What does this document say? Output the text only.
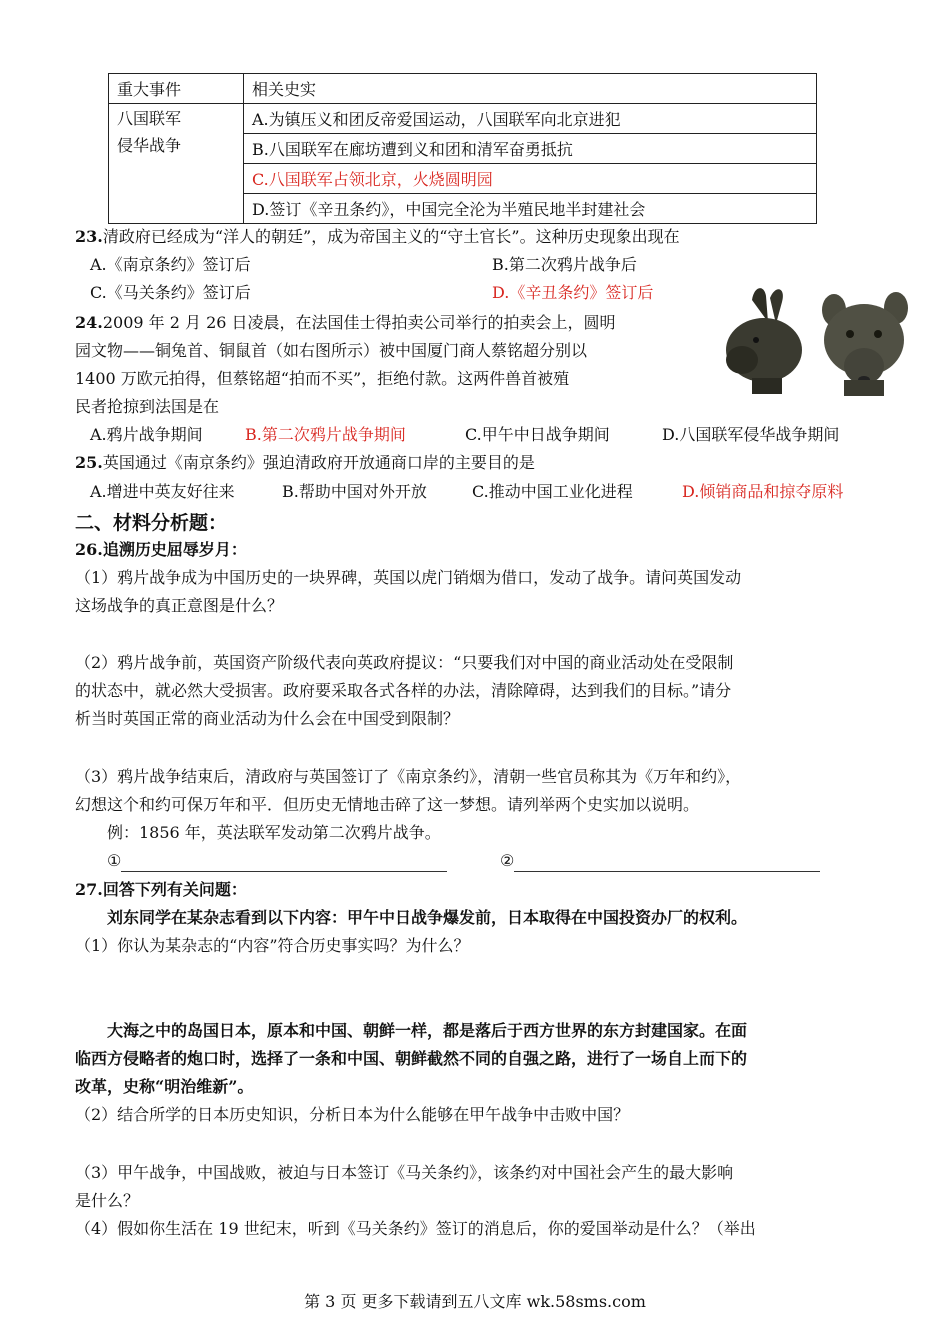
重大事件	相关史实

八国联军
侵华战争	A.为镇压义和团反帝爱国运动，八国联军向北京进犯
	B.八国联军在廊坊遭到义和团和清军奋勇抵抗
	C.八国联军占领北京，火烧圆明园
	D.签订《辛丑条约》，中国完全沦为半殖民地半封建社会
23.清政府已经成为“洋人的朝廷”，成为帝国主义的“守土官长”。这种历史现象出现在
A.《南京条约》签订后	B.第二次鸦片战争后
C.《马关条约》签订后	D.《辛丑条约》签订后
24.2009 年 2 月 26 日凌晨，在法国佳士得拍卖公司举行的拍卖会上，圆明
园文物——铜兔首、铜鼠首（如右图所示）被中国厦门商人蔡铭超分别以
1400 万欧元拍得，但蔡铭超“拍而不买”，拒绝付款。这两件兽首被殖
民者抢掠到法国是在
A.鸦片战争期间	B.第二次鸦片战争期间	C.甲午中日战争期间	D.八国联军侵华战争期间
25.英国通过《南京条约》强迫清政府开放通商口岸的主要目的是
A.增进中英友好往来	B.帮助中国对外开放	C.推动中国工业化进程	D.倾销商品和掠夺原料
二、材料分析题：
26.追溯历史屈辱岁月：
（1）鸦片战争成为中国历史的一块界碑，英国以虎门销烟为借口，发动了战争。请问英国发动
这场战争的真正意图是什么？
（2）鸦片战争前，英国资产阶级代表向英政府提议：“只要我们对中国的商业活动处在受限制
的状态中，就必然大受损害。政府要采取各式各样的办法，清除障碍，达到我们的目标。”请分
析当时英国正常的商业活动为什么会在中国受到限制？
（3）鸦片战争结束后，清政府与英国签订了《南京条约》，清朝一些官员称其为《万年和约》，
幻想这个和约可保万年和平．但历史无情地击碎了这一梦想。请列举两个史实加以说明。
例：1856 年，英法联军发动第二次鸦片战争。
①	②
27.回答下列有关问题：
刘东同学在某杂志看到以下内容：甲午中日战争爆发前，日本取得在中国投资办厂的权利。
（1）你认为某杂志的“内容”符合历史事实吗？为什么？
大海之中的岛国日本，原本和中国、朝鲜一样，都是落后于西方世界的东方封建国家。在面
临西方侵略者的炮口时，选择了一条和中国、朝鲜截然不同的自强之路，进行了一场自上而下的
改革，史称“明治维新”。
（2）结合所学的日本历史知识，分析日本为什么能够在甲午战争中击败中国？
（3）甲午战争，中国战败，被迫与日本签订《马关条约》，该条约对中国社会产生的最大影响
是什么？
（4）假如你生活在 19 世纪末，听到《马关条约》签订的消息后，你的爱国举动是什么？（举出
第 3 页 更多下载请到五八文库 wk.58sms.com
